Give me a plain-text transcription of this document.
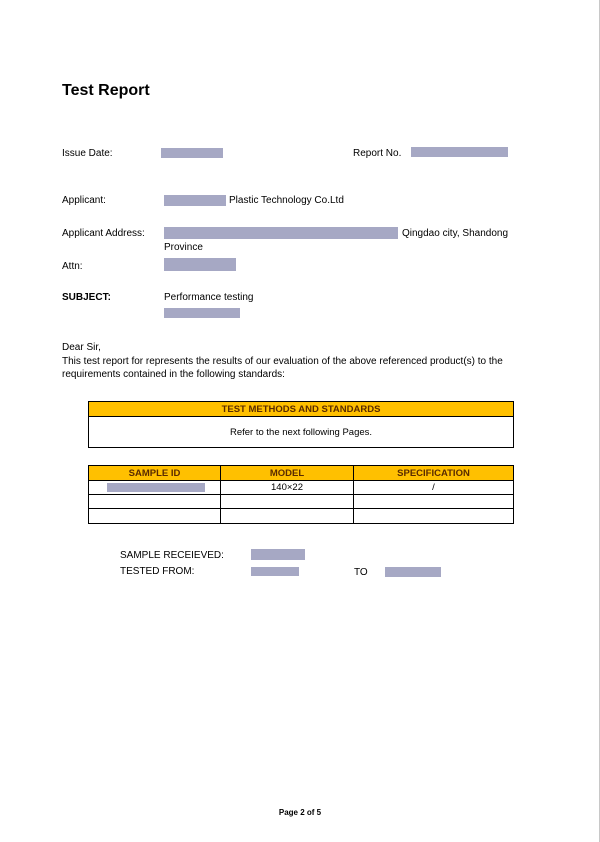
Test Report
Issue Date:	Report No.
Applicant:	Plastic Technology Co.Ltd
Applicant Address:	Qingdao city, Shandong
Province
Attn:
SUBJECT:	Performance testing
Dear Sir,
This test report for represents the results of our evaluation of the above referenced product(s) to the
requirements contained in the following standards:
TEST METHODS AND STANDARDS
Refer to the next following Pages.
SAMPLE ID	MODEL	SPECIFICATION

	140×22	/

SAMPLE RECEIEVED:
TESTED FROM:	TO
Page 2 of 5
